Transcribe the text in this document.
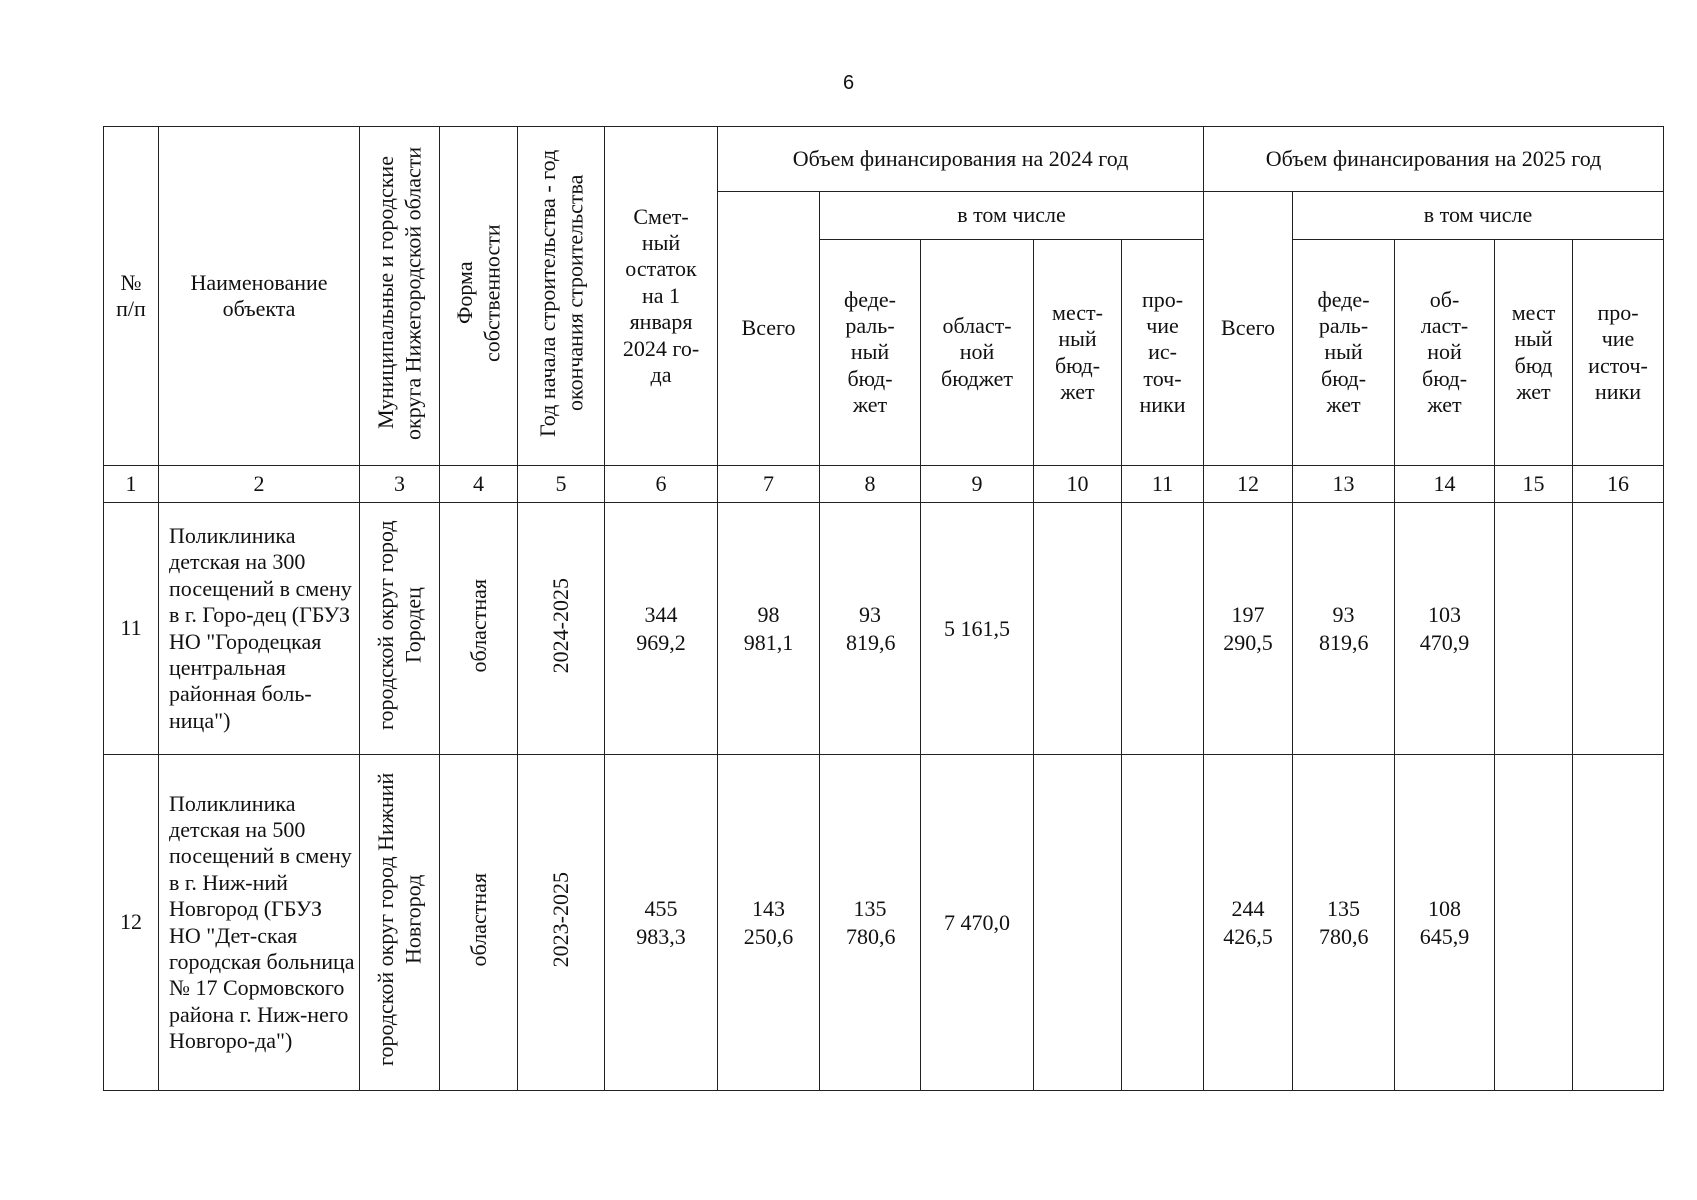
6
№ п/п	Наименование объекта	Муниципальные и городские округа Нижегородской области	Форма собственности	Год начала строительства - год окончания строительства	Смет-ный остаток на 1 января 2024 го-да	Объем финансирования на 2024 год					Объем финансирования на 2025 год				
						Всего	в том числе				Всего	в том числе			
							феде-раль-ный бюд-жет	област-ной бюджет	мест-ный бюд-жет	про-чие ис-точ-ники		феде-раль-ный бюд-жет	об-ласт-ной бюд-жет	мест ный бюд жет	про-чие источ-ники
1	2	3	4	5	6	7	8	9	10	11	12	13	14	15	16
11	Поликлиника детская на 300 посещений в смену в г. Горо-дец (ГБУЗ НО "Городецкая центральная районная боль-ница")	городской округ город Городец	областная	2024-2025	344 969,2	98 981,1	93 819,6	5 161,5			197 290,5	93 819,6	103 470,9		
12	Поликлиника детская на 500 посещений в смену в г. Ниж-ний Новгород (ГБУЗ НО "Дет-ская городская больница № 17 Сормовского района г. Ниж-него Новгоро-да")	городской округ город Нижний Новгород	областная	2023-2025	455 983,3	143 250,6	135 780,6	7 470,0			244 426,5	135 780,6	108 645,9		
